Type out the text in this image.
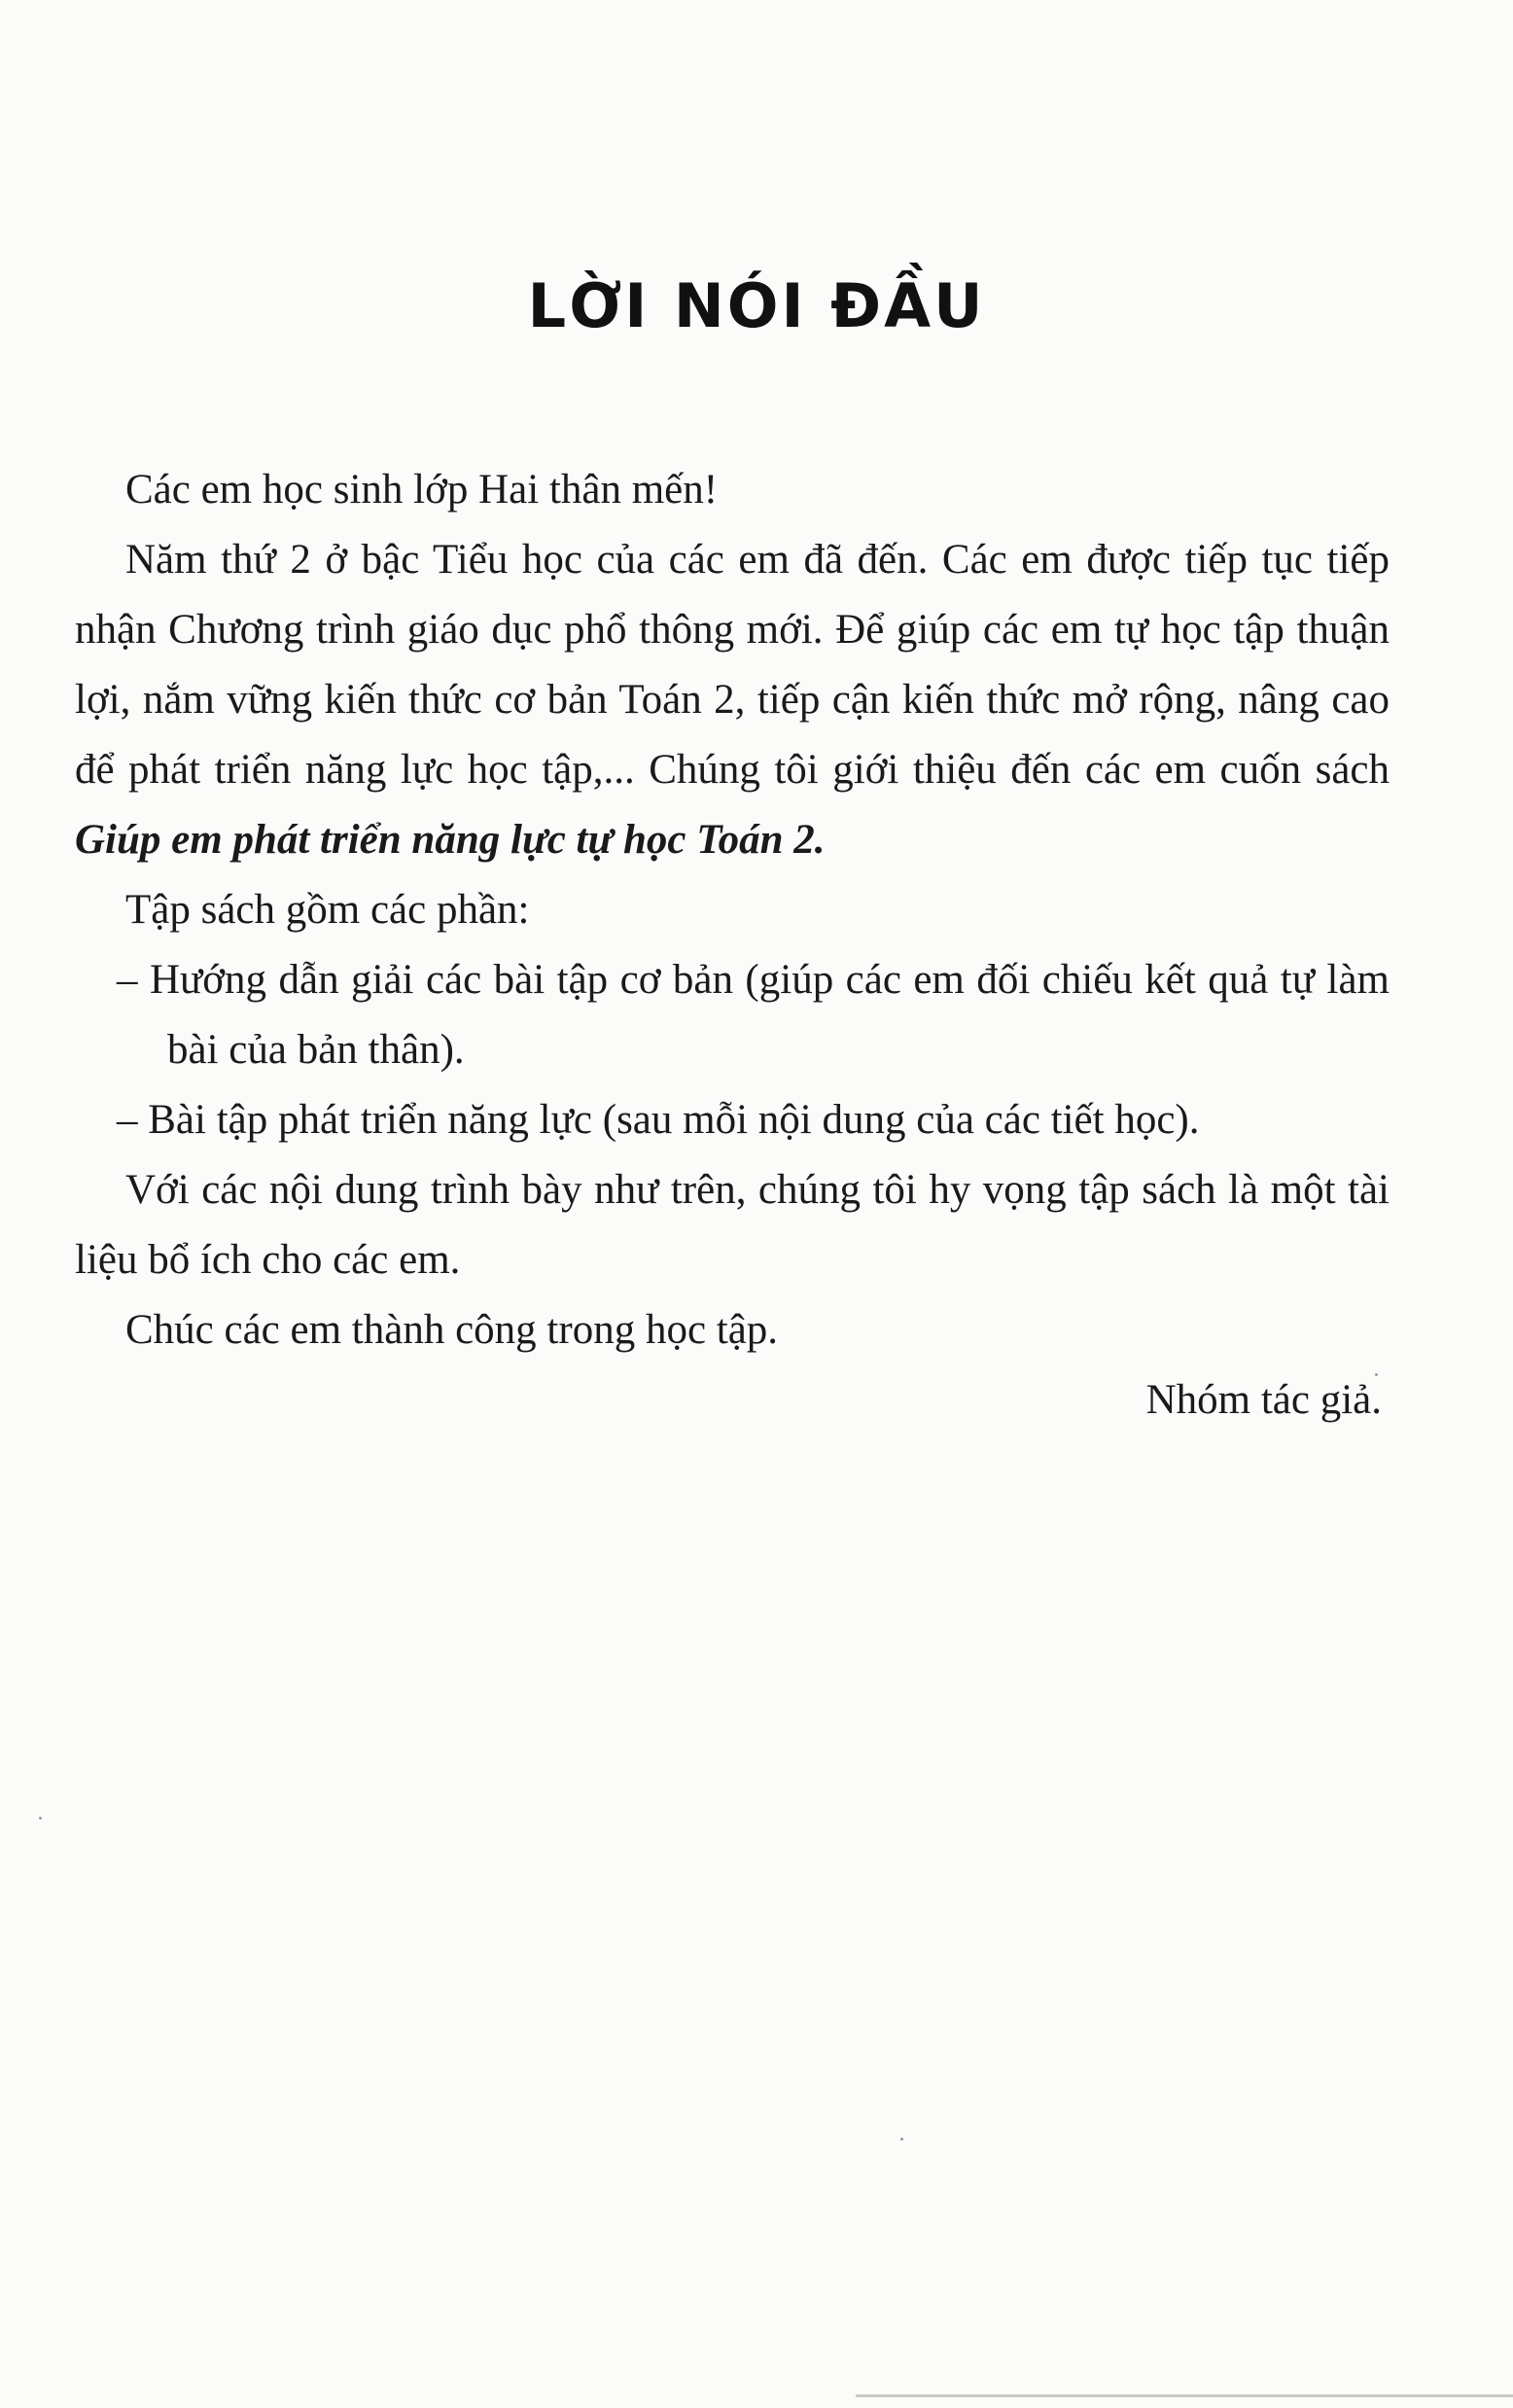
LỜI NÓI ĐẦU

Các em học sinh lớp Hai thân mến!

Năm thứ 2 ở bậc Tiểu học của các em đã đến. Các em được tiếp tục tiếp nhận Chương trình giáo dục phổ thông mới. Để giúp các em tự học tập thuận lợi, nắm vững kiến thức cơ bản Toán 2, tiếp cận kiến thức mở rộng, nâng cao để phát triển năng lực học tập,... Chúng tôi giới thiệu đến các em cuốn sách Giúp em phát triển năng lực tự học Toán 2.

Tập sách gồm các phần:

– Hướng dẫn giải các bài tập cơ bản (giúp các em đối chiếu kết quả tự làm bài của bản thân).

– Bài tập phát triển năng lực (sau mỗi nội dung của các tiết học).

Với các nội dung trình bày như trên, chúng tôi hy vọng tập sách là một tài liệu bổ ích cho các em.

Chúc các em thành công trong học tập.

Nhóm tác giả.
